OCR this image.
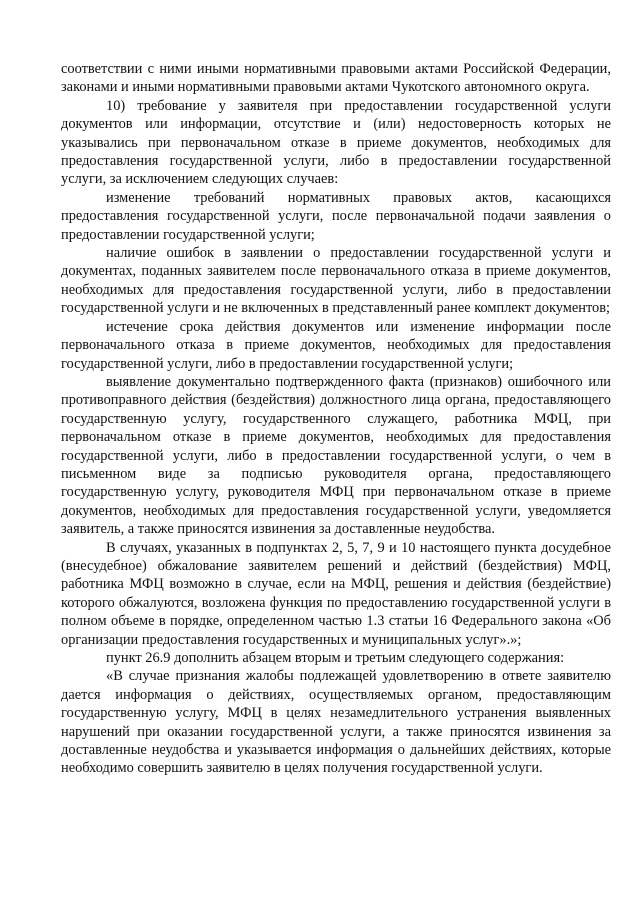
соответствии с ними иными нормативными правовыми актами Российской Федерации, законами и иными нормативными правовыми актами Чукотского автономного округа.

10) требование у заявителя при предоставлении государственной услуги документов или информации, отсутствие и (или) недостоверность которых не указывались при первоначальном отказе в приеме документов, необходимых для предоставления государственной услуги, либо в предоставлении государственной услуги, за исключением следующих случаев:

изменение требований нормативных правовых актов, касающихся предоставления государственной услуги, после первоначальной подачи заявления о предоставлении государственной услуги;

наличие ошибок в заявлении о предоставлении государственной услуги и документах, поданных заявителем после первоначального отказа в приеме документов, необходимых для предоставления государственной услуги, либо в предоставлении государственной услуги и не включенных в представленный ранее комплект документов;

истечение срока действия документов или изменение информации после первоначального отказа в приеме документов, необходимых для предоставления государственной услуги, либо в предоставлении государственной услуги;

выявление документально подтвержденного факта (признаков) ошибочного или противоправного действия (бездействия) должностного лица органа, предоставляющего государственную услугу, государственного служащего, работника МФЦ, при первоначальном отказе в приеме документов, необходимых для предоставления государственной услуги, либо в предоставлении государственной услуги, о чем в письменном виде за подписью руководителя органа, предоставляющего государственную услугу, руководителя МФЦ при первоначальном отказе в приеме документов, необходимых для предоставления государственной услуги, уведомляется заявитель, а также приносятся извинения за доставленные неудобства.

В случаях, указанных в подпунктах 2, 5, 7, 9 и 10 настоящего пункта досудебное (внесудебное) обжалование заявителем решений и действий (бездействия) МФЦ, работника МФЦ возможно в случае, если на МФЦ, решения и действия (бездействие) которого обжалуются, возложена функция по предоставлению государственной услуги в полном объеме в порядке, определенном частью 1.3 статьи 16 Федерального закона «Об организации предоставления государственных и муниципальных услуг».»;

пункт 26.9 дополнить абзацем вторым и третьим следующего содержания:

«В случае признания жалобы подлежащей удовлетворению в ответе заявителю дается информация о действиях, осуществляемых органом, предоставляющим государственную услугу, МФЦ в целях незамедлительного устранения выявленных нарушений при оказании государственной услуги, а также приносятся извинения за доставленные неудобства и указывается информация о дальнейших действиях, которые необходимо совершить заявителю в целях получения государственной услуги.
